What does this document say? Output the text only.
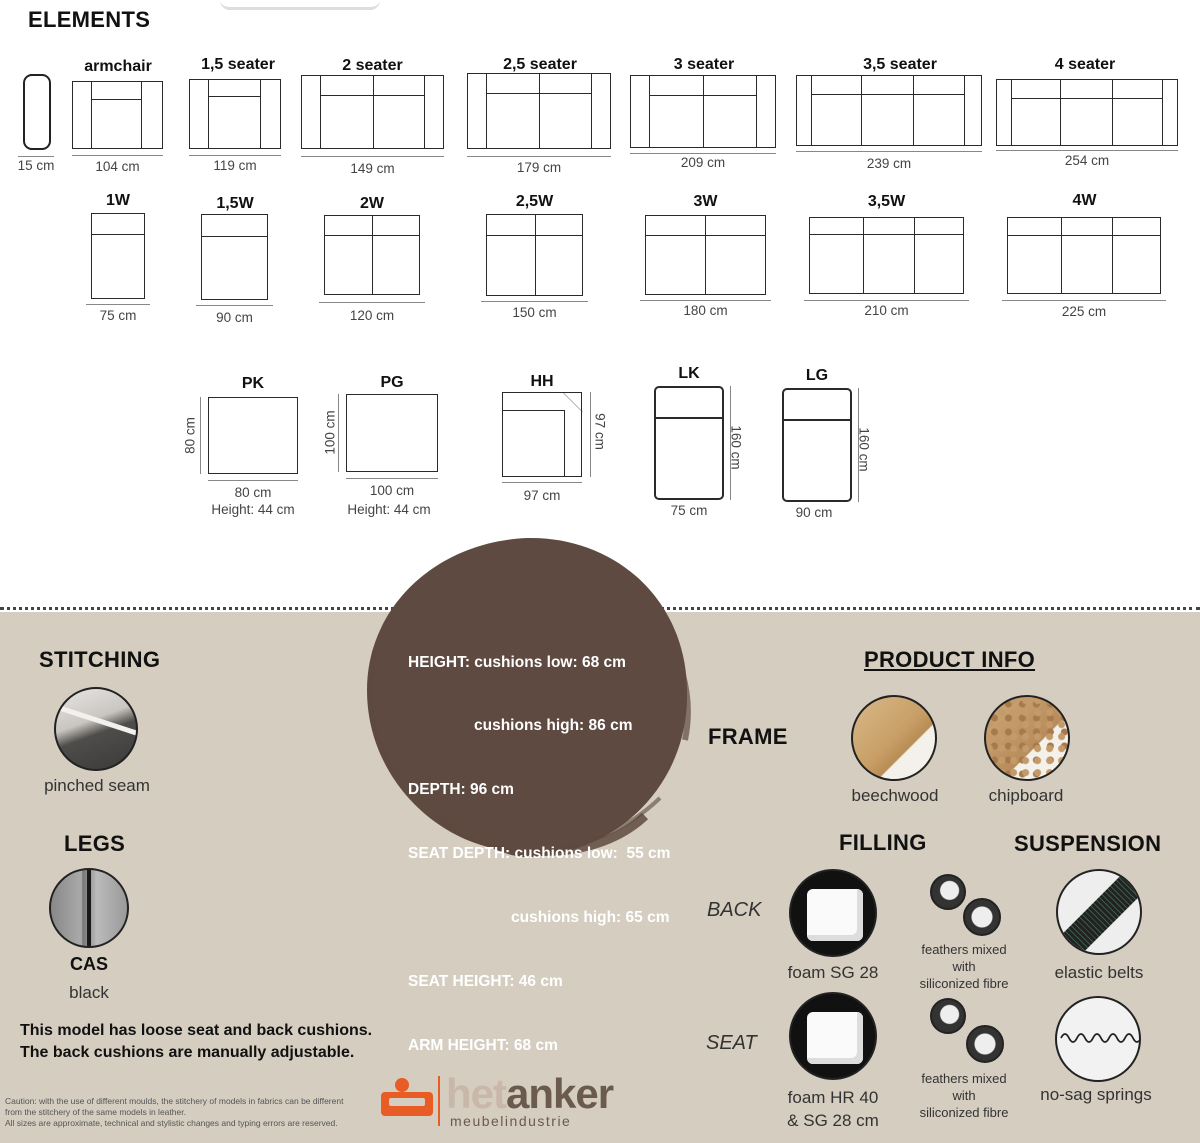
ELEMENTS
15 cm
armchair
104 cm
1,5 seater
119 cm
2 seater
149 cm
2,5 seater
179 cm
3 seater
209 cm
3,5 seater
239 cm
4 seater
254 cm
1W
75 cm
1,5W
90 cm
2W
120 cm
2,5W
150 cm
3W
180 cm
3,5W
210 cm
4W
225 cm
PK
80 cm
80 cm
Height: 44 cm
PG
100 cm
100 cm
Height: 44 cm
HH
97 cm
97 cm
LK
160 cm
75 cm
LG
160 cm
90 cm

HEIGHT: cushions low: 68 cm

cushions high: 86 cm

DEPTH: 96 cm

SEAT DEPTH: cushions low:  55 cm

cushions high: 65 cm

SEAT HEIGHT: 46 cm

ARM HEIGHT: 68 cm

STITCHING
pinched seam
LEGS
CAS
black
This model has loose seat and back cushions.
The back cushions are manually adjustable.
Caution: with the use of different moulds, the stitchery of models in fabrics can be different
from the stitchery of the same models in leather.
All sizes are approximate, technical and stylistic changes and typing errors are reserved.
hetanker
meubelindustrie
PRODUCT INFO
FRAME
beechwood	chipboard
FILLING	SUSPENSION
BACK
foam SG 28
feathers mixed
with
siliconized fibre
elastic belts
SEAT
foam HR 40
& SG 28 cm
feathers mixed
with
siliconized fibre
no-sag springs
